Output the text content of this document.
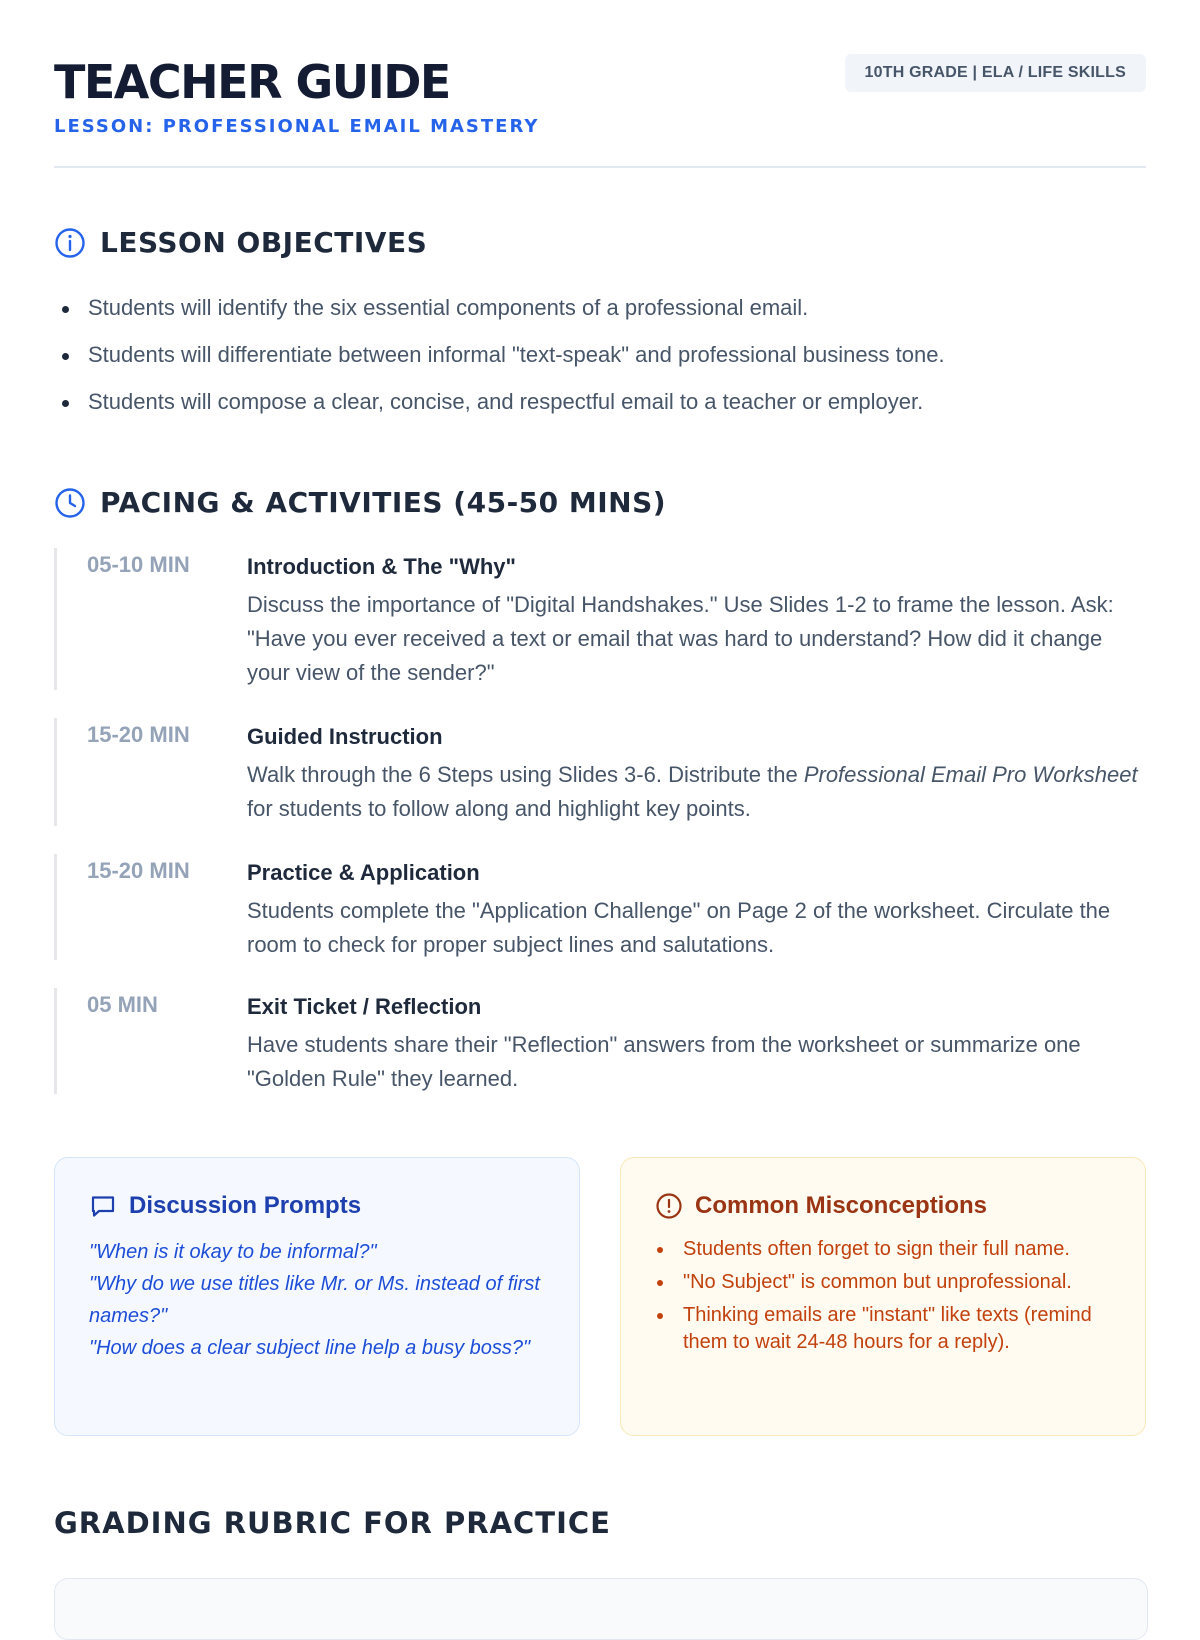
TEACHER GUIDE
LESSON: PROFESSIONAL EMAIL MASTERY
10TH GRADE | ELA / LIFE SKILLS
LESSON OBJECTIVES
Students will identify the six essential components of a professional email.
Students will differentiate between informal "text-speak" and professional business tone.
Students will compose a clear, concise, and respectful email to a teacher or employer.
PACING & ACTIVITIES (45-50 MINS)
05-10 MIN	Introduction & The "Why"
Discuss the importance of "Digital Handshakes." Use Slides 1-2 to frame the lesson. Ask: "Have you ever received a text or email that was hard to understand? How did it change your view of the sender?"
15-20 MIN	Guided Instruction
Walk through the 6 Steps using Slides 3-6. Distribute the Professional Email Pro Worksheet for students to follow along and highlight key points.
15-20 MIN	Practice & Application
Students complete the "Application Challenge" on Page 2 of the worksheet. Circulate the room to check for proper subject lines and salutations.
05 MIN	Exit Ticket / Reflection
Have students share their "Reflection" answers from the worksheet or summarize one "Golden Rule" they learned.
Discussion Prompts
"When is it okay to be informal?"
"Why do we use titles like Mr. or Ms. instead of first names?"
"How does a clear subject line help a busy boss?"
Common Misconceptions
Students often forget to sign their full name.
"No Subject" is common but unprofessional.
Thinking emails are "instant" like texts (remind them to wait 24-48 hours for a reply).
GRADING RUBRIC FOR PRACTICE
